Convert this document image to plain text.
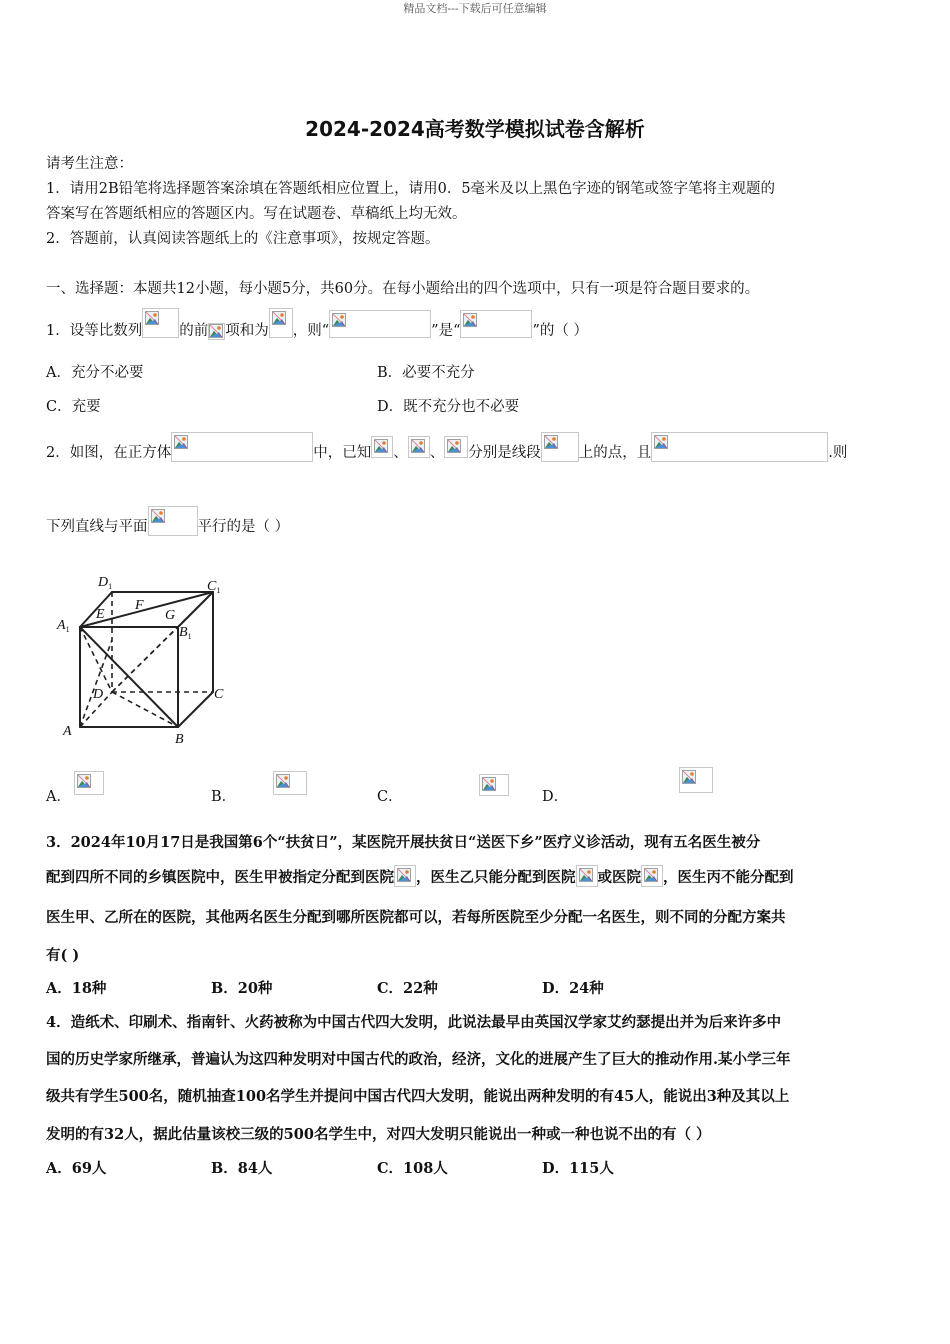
精品文档---下载后可任意编辑
2024-2024高考数学模拟试卷含解析
请考生注意：
1．请用2B铅笔将选择题答案涂填在答题纸相应位置上，请用0．5毫米及以上黑色字迹的钢笔或签字笔将主观题的
答案写在答题纸相应的答题区内。写在试题卷、草稿纸上均无效。
2．答题前，认真阅读答题纸上的《注意事项》，按规定答题。
一、选择题：本题共12小题，每小题5分，共60分。在每小题给出的四个选项中，只有一项是符合题目要求的。
1．设等比数列	的前 项和为 ，则“	”是“	”的（ ）
A．充分不必要	B．必要不充分
C．充要	D．既不充分也不必要
2．如图，在正方体	中，已知 、 、 分别是线段	上的点，且	.则
下列直线与平面	平行的是（ ）
$D_1$	$C_1$
$A_1$	$B_1$
E
F
G
D	C
A
B
A．
	B．
	C．
	D．
3．2024年10月17日是我国第6个“扶贫日”，某医院开展扶贫日“送医下乡”医疗义诊活动，现有五名医生被分
配到四所不同的乡镇医院中，医生甲被指定分配到医院 ，医生乙只能分配到医院 或医院 ，医生丙不能分配到
医生甲、乙所在的医院，其他两名医生分配到哪所医院都可以，若每所医院至少分配一名医生，则不同的分配方案共
有( )
A．18种	B．20种	C．22种	D．24种
4．造纸术、印刷术、指南针、火药被称为中国古代四大发明，此说法最早由英国汉学家艾约瑟提出并为后来许多中
国的历史学家所继承，普遍认为这四种发明对中国古代的政治，经济，文化的进展产生了巨大的推动作用.某小学三年
级共有学生500名，随机抽查100名学生并提问中国古代四大发明，能说出两种发明的有45人，能说出3种及其以上
发明的有32人，据此估量该校三级的500名学生中，对四大发明只能说出一种或一种也说不出的有（ ）
A．69人	B．84人	C．108人	D．115人
